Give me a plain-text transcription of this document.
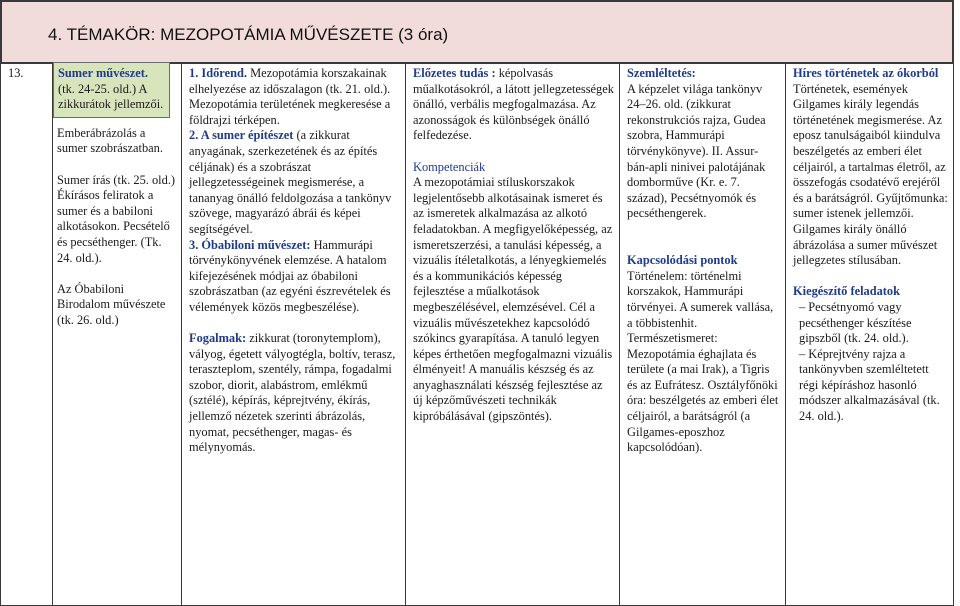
4. TÉMAKÖR: MEZOPOTÁMIA MŰVÉSZETE (3 óra)
13.	Sumer művészet. (tk. 24-25. old.) A zikkurátok jellemzői.

Emberábrázolás a sumer szobrászatban.

Sumer írás (tk. 25. old.) Ékírásos feliratok a sumer és a babiloni alkotásokon. Pecsételő és pecséthenger. (Tk. 24. old.).

Az Óbabiloni Birodalom művészete (tk. 26. old.)

1. Időrend. Mezopotámia korszakainak elhelyezése az időszalagon (tk. 21. old.). Mezopotámia területének megkeresése a földrajzi térképen.

2. A sumer építészet (a zikkurat anyagának, szerkezetének és az építés céljának) és a szobrászat jellegzetességeinek megismerése, a tananyag önálló feldolgozása a tankönyv szövege, magyarázó ábrái és képei segítségével.

3. Óbabiloni művészet: Hammurápi törvénykönyvének elemzése. A hatalom kifejezésének módjai az óbabiloni szobrászatban (az egyéni észrevételek és vélemények közös megbeszélése).

Fogalmak: zikkurat (toronytemplom), vályog, égetett vályogtégla, boltív, terasz, teraszteplom, szentély, rámpa, fogadalmi szobor, diorit, alabástrom, emlékmű (sztélé), képírás, képrejtvény, ékírás, jellemző nézetek szerinti ábrázolás, nyomat, pecséthenger, magas- és mélynyomás.

Előzetes tudás : képolvasás műalkotásokról, a látott jellegzetességek önálló, verbális megfogalmazása. Az azonosságok és különbségek önálló felfedezése.

Kompetenciák

A mezopotámiai stíluskorszakok legjelentősebb alkotásainak ismeret és az ismeretek alkalmazása az alkotó feladatokban. A megfigyelőképesség, az ismeretszerzési, a tanulási képesség, a vizuális ítéletalkotás, a lényegkiemelés és a kommunikációs képesség fejlesztése a műalkotások megbeszélésével, elemzésével. Cél a vizuális művészetekhez kapcsolódó szókincs gyarapítása. A tanuló legyen képes érthetően megfogalmazni vizuális élményeit! A manuális készség és az anyaghasználati készség fejlesztése az új képzőművészeti technikák kipróbálásával (gipszöntés).

Szemléltetés:

A képzelet világa tankönyv 24–26. old. (zikkurat rekonstrukciós rajza, Gudea szobra, Hammurápi törvénykönyve). II. Assur-bán-apli ninivei palotájának domborműve (Kr. e. 7. század), Pecsétnyomók és pecséthengerek.

Kapcsolódási pontok

Történelem: történelmi korszakok, Hammurápi törvényei. A sumerek vallása, a többistenhit. Természetismeret: Mezopotámia éghajlata és területe (a mai Irak), a Tigris és az Eufrátesz. Osztályfőnöki óra: beszélgetés az emberi élet céljairól, a barátságról (a Gilgames-eposzhoz kapcsolódóan).

Híres történetek az ókorból

Történetek, események Gilgames király legendás történetének megismerése. Az eposz tanulságaiból kiindulva beszélgetés az emberi élet céljairól, a tartalmas életről, az összefogás csodatévő erejéről és a barátságról. Gyűjtőmunka: sumer istenek jellemzői. Gilgames király önálló ábrázolása a sumer művészet jellegzetes stílusában.

Kiegészítő feladatok

– Pecsétnyomó vagy pecséthenger készítése gipszből (tk. 24. old.).

– Képrejtvény rajza a tankönyvben szemléltetett régi képíráshoz hasonló módszer alkalmazásával (tk. 24. old.).
